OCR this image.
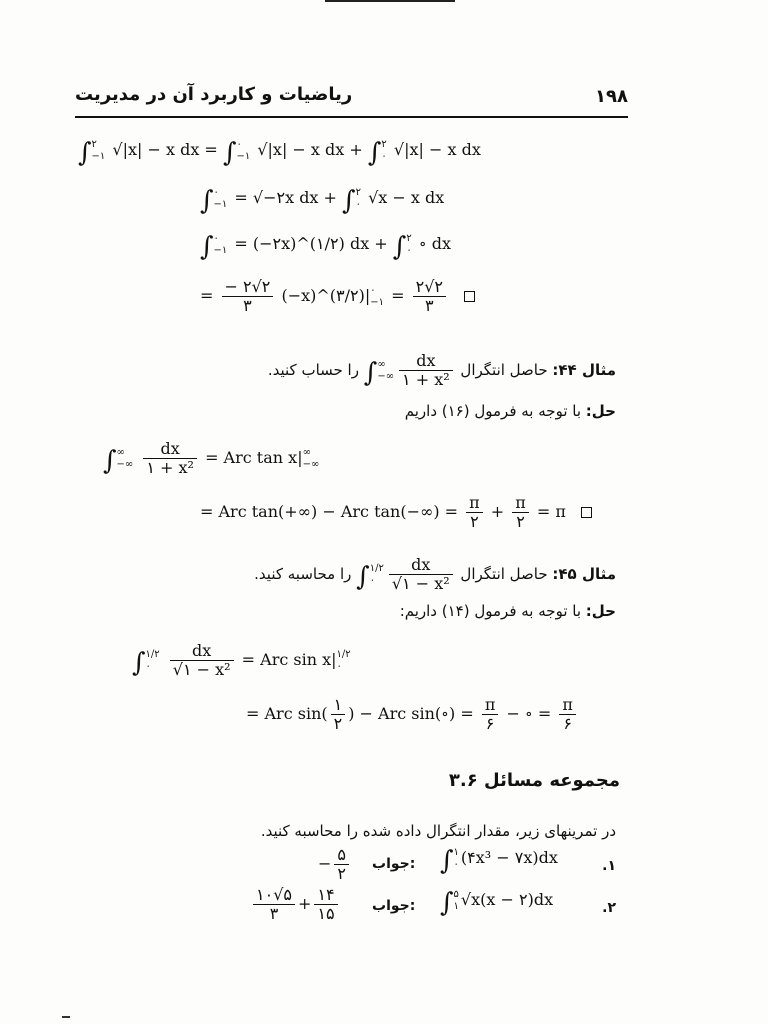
ریاضیات و کاربرد آن در مدیریت	۱۹۸
∫۲
−۱ √|x| − x dx = ∫۰
−۱ √|x| − x dx + ∫۲
۰ √|x| − x dx
∫۰
−۱ = √−۲x dx + ∫۲
۰ √x − x dx
∫۰
−۱ = (−۲x)^(۱/۲) dx + ∫۲
۰ ∘ dx
= $\frac{- ۲√۲}{۳}$ (−x)^(۳/۲)|۰
−۱ = $\frac{۲√۲}{۳}$

مثال ۴۴: حاصل انتگرال ∫∞
−∞ $\frac{dx}{\text{۱ + x²}}$
را حساب کنید.
حل: با توجه به فرمول (۱۶) داریم
∫∞
−∞ $\frac{dx}{\text{۱ + x²}}$ = Arc tan x|∞
−∞
= Arc tan(+∞) − Arc $\tan(-\infty) = \frac{\pi}{۲} + \frac{\pi}{۲} = \pi$
مثال ۴۵: حاصل انتگرال ∫۱/۲
۰ $\frac{dx}{\text{√۱ − x²}}$
را محاسبه کنید.
حل: با توجه به فرمول (۱۴) داریم:
∫۱/۲
۰ $\frac{dx}{\text{√۱ − x²}}$ = Arc sin x|۱/۲
۰
= Arc $\sin( \frac{۱}{۲}$ ) − Arc sin(∘) = $\frac{\pi}{۶}$ − ∘ = $\frac{\pi}{۶}$
مجموعه مسائل ۳.۶
در تمرینهای زیر، مقدار انتگرال داده شده را محاسبه کنید.
۱.
∫۱
۰ (۴x³ − ۷x)dx
جواب:
− $\frac{۵}{۲}$
۲.
∫۵
۱ √x(x − ۲)dx
جواب:
$\frac{۱۰√۵}{۳} + \frac{۱۴}{۱۵}$
